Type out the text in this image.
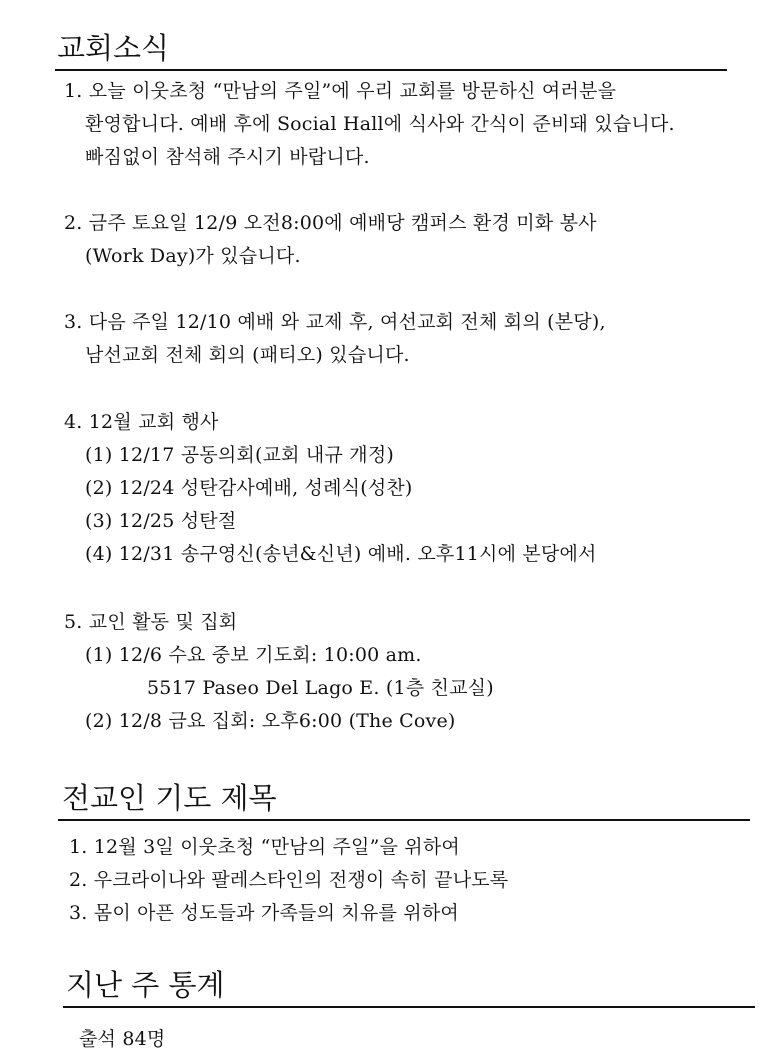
교회소식
1. 오늘 이웃초청 “만남의 주일”에 우리 교회를 방문하신 여러분을
환영합니다. 예배 후에 Social Hall에 식사와 간식이 준비돼 있습니다.
빠짐없이 참석해 주시기 바랍니다.
2. 금주 토요일 12/9 오전8:00에 예배당 캠퍼스 환경 미화 봉사
(Work Day)가 있습니다.
3. 다음 주일 12/10 예배 와 교제 후, 여선교회 전체 회의 (본당),
남선교회 전체 회의 (패티오) 있습니다.
4. 12월 교회 행사
(1) 12/17 공동의회(교회 내규 개정)
(2) 12/24 성탄감사예배, 성례식(성찬)
(3) 12/25 성탄절
(4) 12/31 송구영신(송년&신년) 예배. 오후11시에 본당에서
5. 교인 활동 및 집회
(1) 12/6 수요 중보 기도회: 10:00 am.
5517 Paseo Del Lago E. (1층 친교실)
(2) 12/8 금요 집회: 오후6:00 (The Cove)
전교인 기도 제목
1. 12월 3일 이웃초청 “만남의 주일”을 위하여
2. 우크라이나와 팔레스타인의 전쟁이 속히 끝나도록
3. 몸이 아픈 성도들과 가족들의 치유를 위하여
지난 주 통계
출석 84명
